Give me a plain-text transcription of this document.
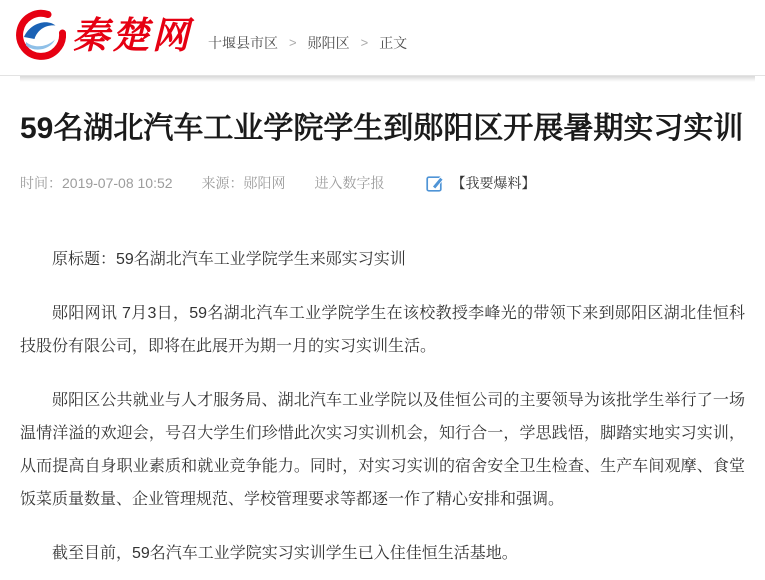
秦楚网 十堰县市区 > 郧阳区 > 正文
59名湖北汽车工业学院学生到郧阳区开展暑期实习实训
时间：2019-07-08 10:52 来源：郧阳网 进入数字报	【我要爆料】

原标题：59名湖北汽车工业学院学生来郧实习实训

郧阳网讯 7月3日，59名湖北汽车工业学院学生在该校教授李峰光的带领下来到郧阳区湖北佳恒科技股份有限公司，即将在此展开为期一月的实习实训生活。

郧阳区公共就业与人才服务局、湖北汽车工业学院以及佳恒公司的主要领导为该批学生举行了一场温情洋溢的欢迎会，号召大学生们珍惜此次实习实训机会，知行合一，学思践悟，脚踏实地实习实训，从而提高自身职业素质和就业竞争能力。同时，对实习实训的宿舍安全卫生检查、生产车间观摩、食堂饭菜质量数量、企业管理规范、学校管理要求等都逐一作了精心安排和强调。

截至目前，59名汽车工业学院实习实训学生已入住佳恒生活基地。
